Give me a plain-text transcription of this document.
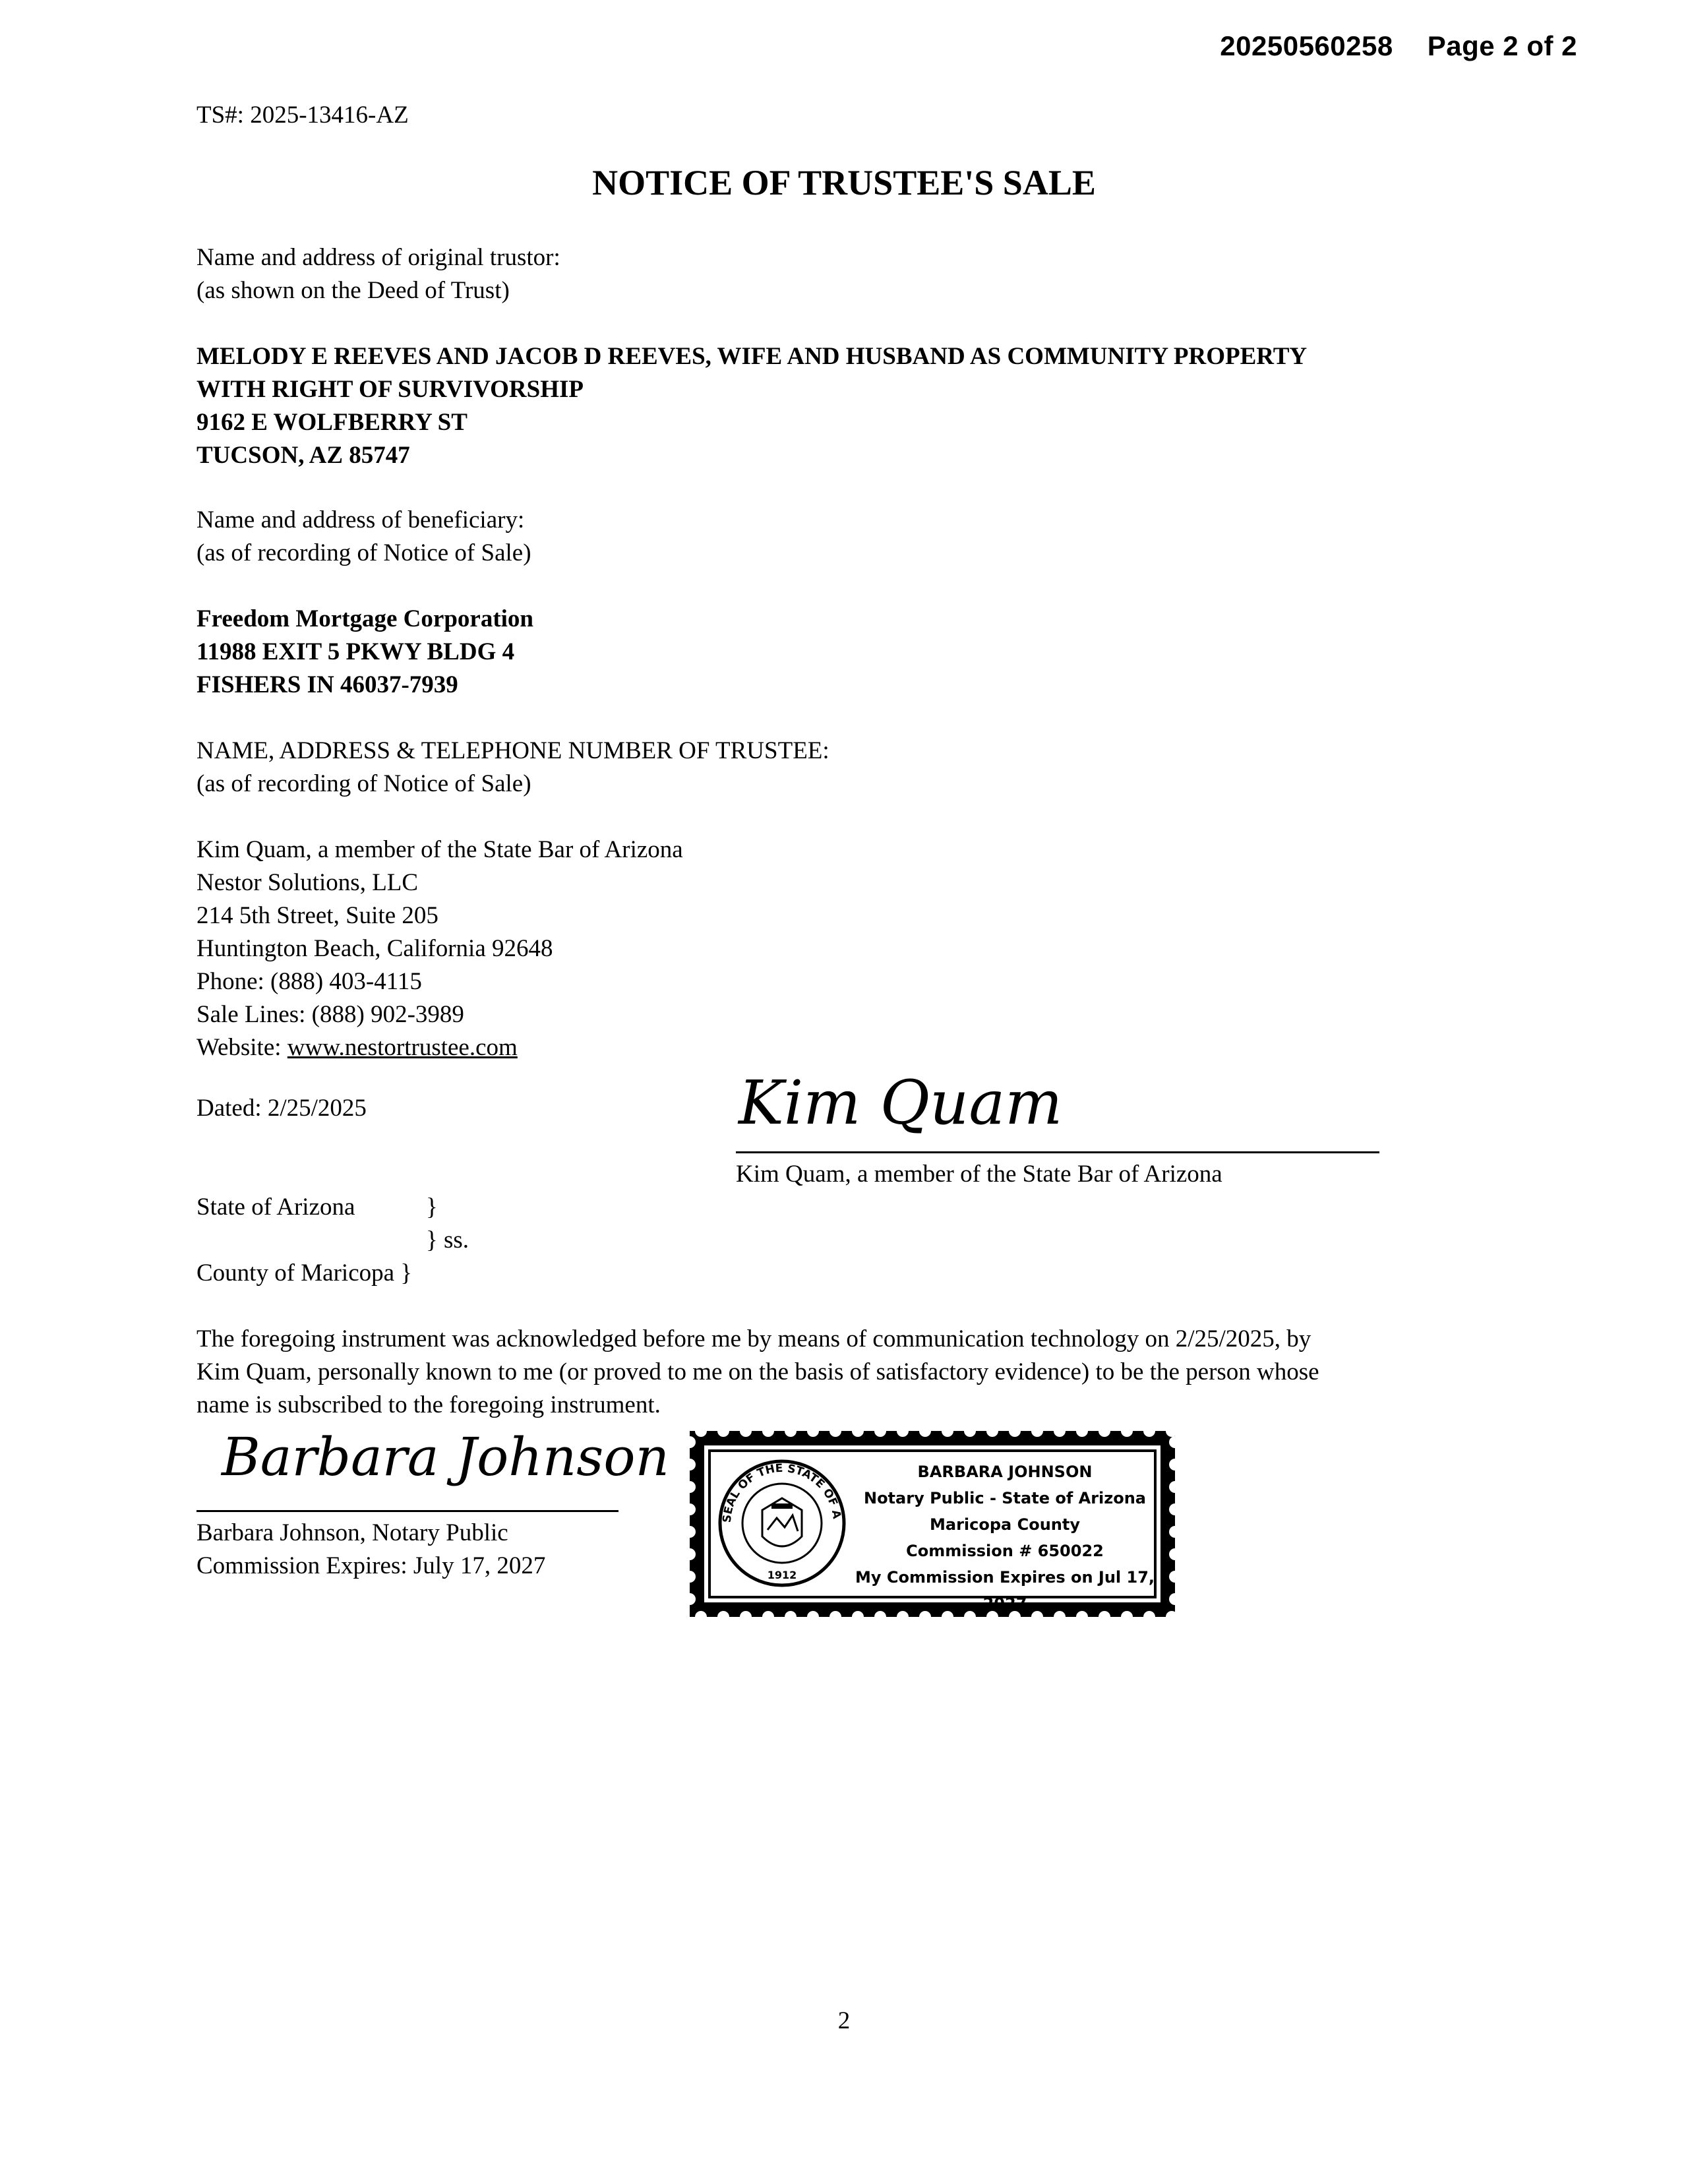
20250560258 Page 2 of 2
TS#: 2025-13416-AZ
NOTICE OF TRUSTEE'S SALE
Name and address of original trustor:
(as shown on the Deed of Trust)
MELODY E REEVES AND JACOB D REEVES, WIFE AND HUSBAND AS COMMUNITY PROPERTY
WITH RIGHT OF SURVIVORSHIP
9162 E WOLFBERRY ST
TUCSON, AZ 85747
Name and address of beneficiary:
(as of recording of Notice of Sale)
Freedom Mortgage Corporation
11988 EXIT 5 PKWY BLDG 4
FISHERS IN 46037-7939
NAME, ADDRESS & TELEPHONE NUMBER OF TRUSTEE:
(as of recording of Notice of Sale)
Kim Quam, a member of the State Bar of Arizona
Nestor Solutions, LLC
214 5th Street, Suite 205
Huntington Beach, California 92648
Phone: (888) 403-4115
Sale Lines: (888) 902-3989
Website: www.nestortrustee.com
Dated: 2/25/2025	Kim Quam
Kim Quam, a member of the State Bar of Arizona
State of Arizona	}
} ss.
County of Maricopa }
The foregoing instrument was acknowledged before me by means of communication technology on 2/25/2025, by
Kim Quam, personally known to me (or proved to me on the basis of satisfactory evidence) to be the person whose
name is subscribed to the foregoing instrument.
Barbara Johnson
Barbara Johnson, Notary Public
Commission Expires: July 17, 2027
SEAL OF THE STATE OF A
1912
BARBARA JOHNSON
Notary Public - State of Arizona
Maricopa County
Commission # 650022
My Commission Expires on Jul 17, 2027
2
